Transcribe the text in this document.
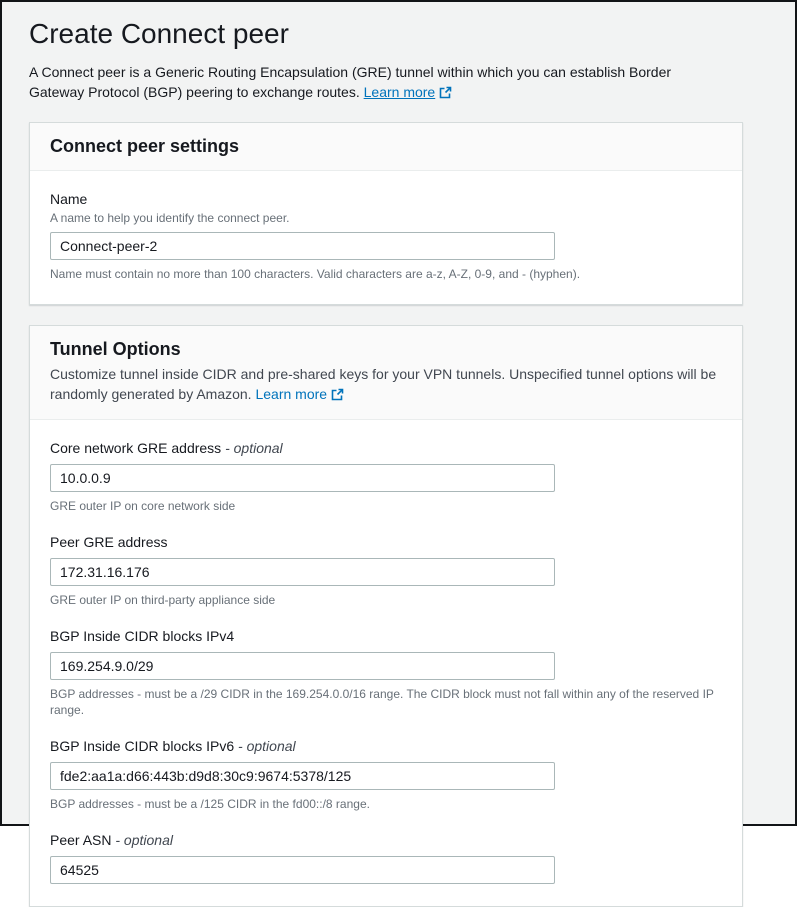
Create Connect peer
A Connect peer is a Generic Routing Encapsulation (GRE) tunnel within which you can establish Border Gateway Protocol (BGP) peering to exchange routes. Learn more
Connect peer settings
Name
A name to help you identify the connect peer.
Connect-peer-2
Name must contain no more than 100 characters. Valid characters are a-z, A-Z, 0-9, and - (hyphen).
Tunnel Options
Customize tunnel inside CIDR and pre-shared keys for your VPN tunnels. Unspecified tunnel options will be randomly generated by Amazon. Learn more
Core network GRE address - optional
10.0.0.9
GRE outer IP on core network side
Peer GRE address
172.31.16.176
GRE outer IP on third-party appliance side
BGP Inside CIDR blocks IPv4
169.254.9.0/29
BGP addresses - must be a /29 CIDR in the 169.254.0.0/16 range. The CIDR block must not fall within any of the reserved IP range.
BGP Inside CIDR blocks IPv6 - optional
fde2:aa1a:d66:443b:d9d8:30c9:9674:5378/125
BGP addresses - must be a /125 CIDR in the fd00::/8 range.
Peer ASN - optional
64525
